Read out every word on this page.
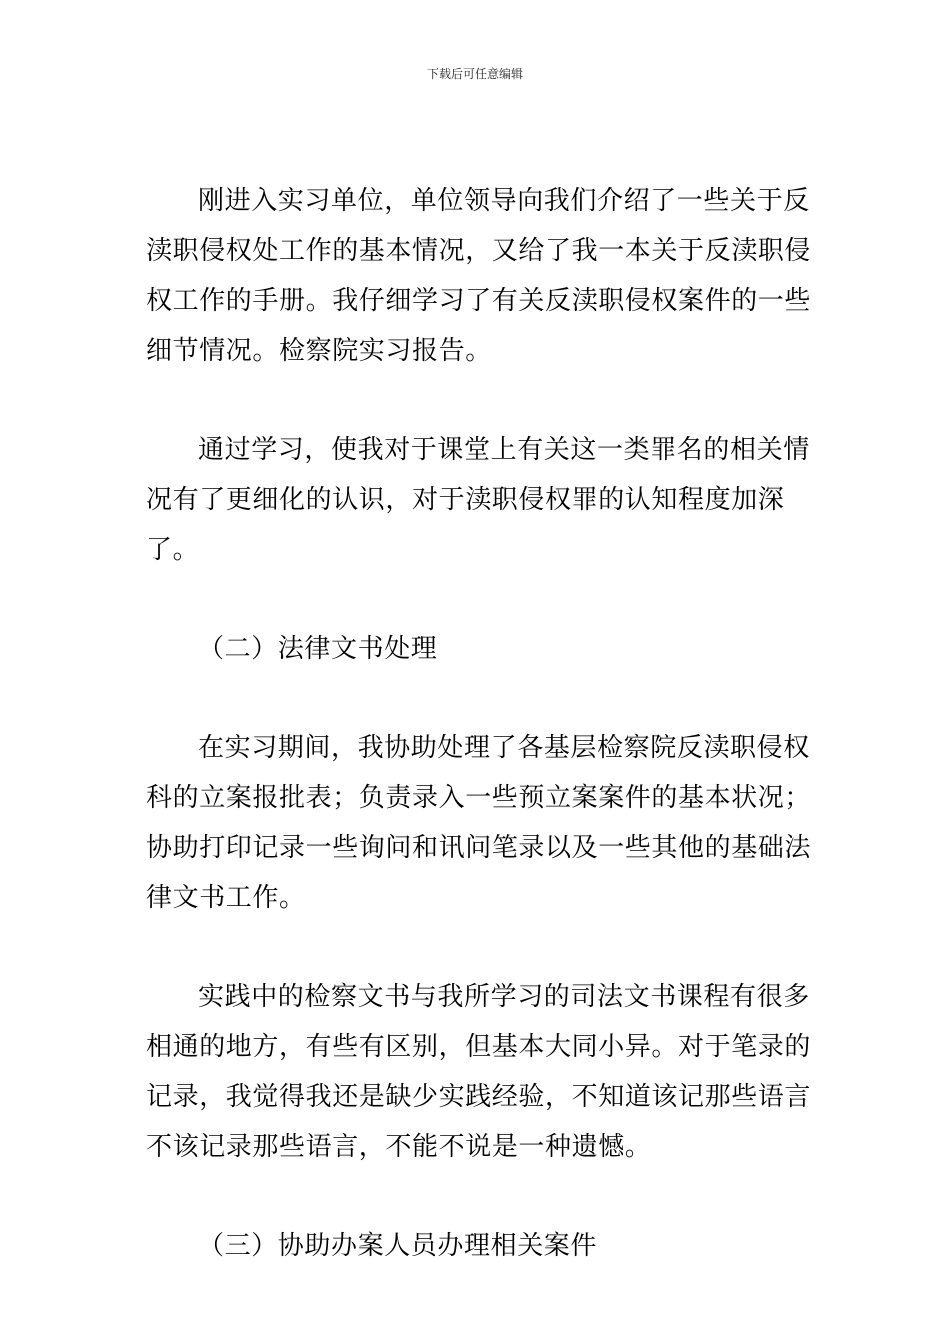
下载后可任意编辑

刚进入实习单位，单位领导向我们介绍了一些关于反渎职侵权处工作的基本情况，又给了我一本关于反渎职侵权工作的手册。我仔细学习了有关反渎职侵权案件的一些细节情况。检察院实习报告。

通过学习，使我对于课堂上有关这一类罪名的相关情况有了更细化的认识，对于渎职侵权罪的认知程度加深了。

（二）法律文书处理

在实习期间，我协助处理了各基层检察院反渎职侵权科的立案报批表；负责录入一些预立案案件的基本状况；协助打印记录一些询问和讯问笔录以及一些其他的基础法律文书工作。

实践中的检察文书与我所学习的司法文书课程有很多相通的地方，有些有区别，但基本大同小异。对于笔录的记录，我觉得我还是缺少实践经验，不知道该记那些语言不该记录那些语言，不能不说是一种遗憾。

（三）协助办案人员办理相关案件
